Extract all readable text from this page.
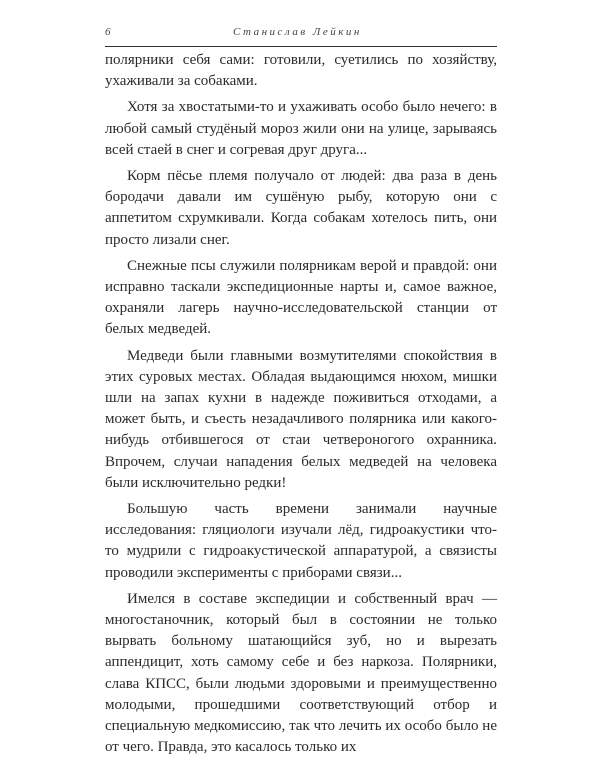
6	Станислав Лейкин

полярники себя сами: готовили, суетились по хозяйству, ухаживали за собаками.

Хотя за хвостатыми-то и ухаживать особо было нечего: в любой самый студёный мороз жили они на улице, зарываясь всей стаей в снег и согревая друг друга...

Корм пёсье племя получало от людей: два раза в день бородачи давали им сушёную рыбу, которую они с аппетитом схрумкивали. Когда собакам хотелось пить, они просто лизали снег.

Снежные псы служили полярникам верой и правдой: они исправно таскали экспедиционные нарты и, самое важное, охраняли лагерь научно-исследовательской станции от белых медведей.

Медведи были главными возмутителями спокойствия в этих суровых местах. Обладая выдающимся нюхом, мишки шли на запах кухни в надежде поживиться отходами, а может быть, и съесть незадачливого полярника или какого-нибудь отбившегося от стаи четвероногого охранника. Впрочем, случаи нападения белых медведей на человека были исключительно редки!

Большую часть времени занимали научные исследования: гляциологи изучали лёд, гидроакустики что-то мудрили с гидроакустической аппаратурой, а связисты проводили эксперименты с приборами связи...

Имелся в составе экспедиции и собственный врач — многостаночник, который был в состоянии не только вырвать больному шатающийся зуб, но и вырезать аппендицит, хоть самому себе и без наркоза. Полярники, слава КПСС, были людьми здоровыми и преимущественно молодыми, прошедшими соответствующий отбор и специальную медкомиссию, так что лечить их особо было не от чего. Правда, это касалось только их
